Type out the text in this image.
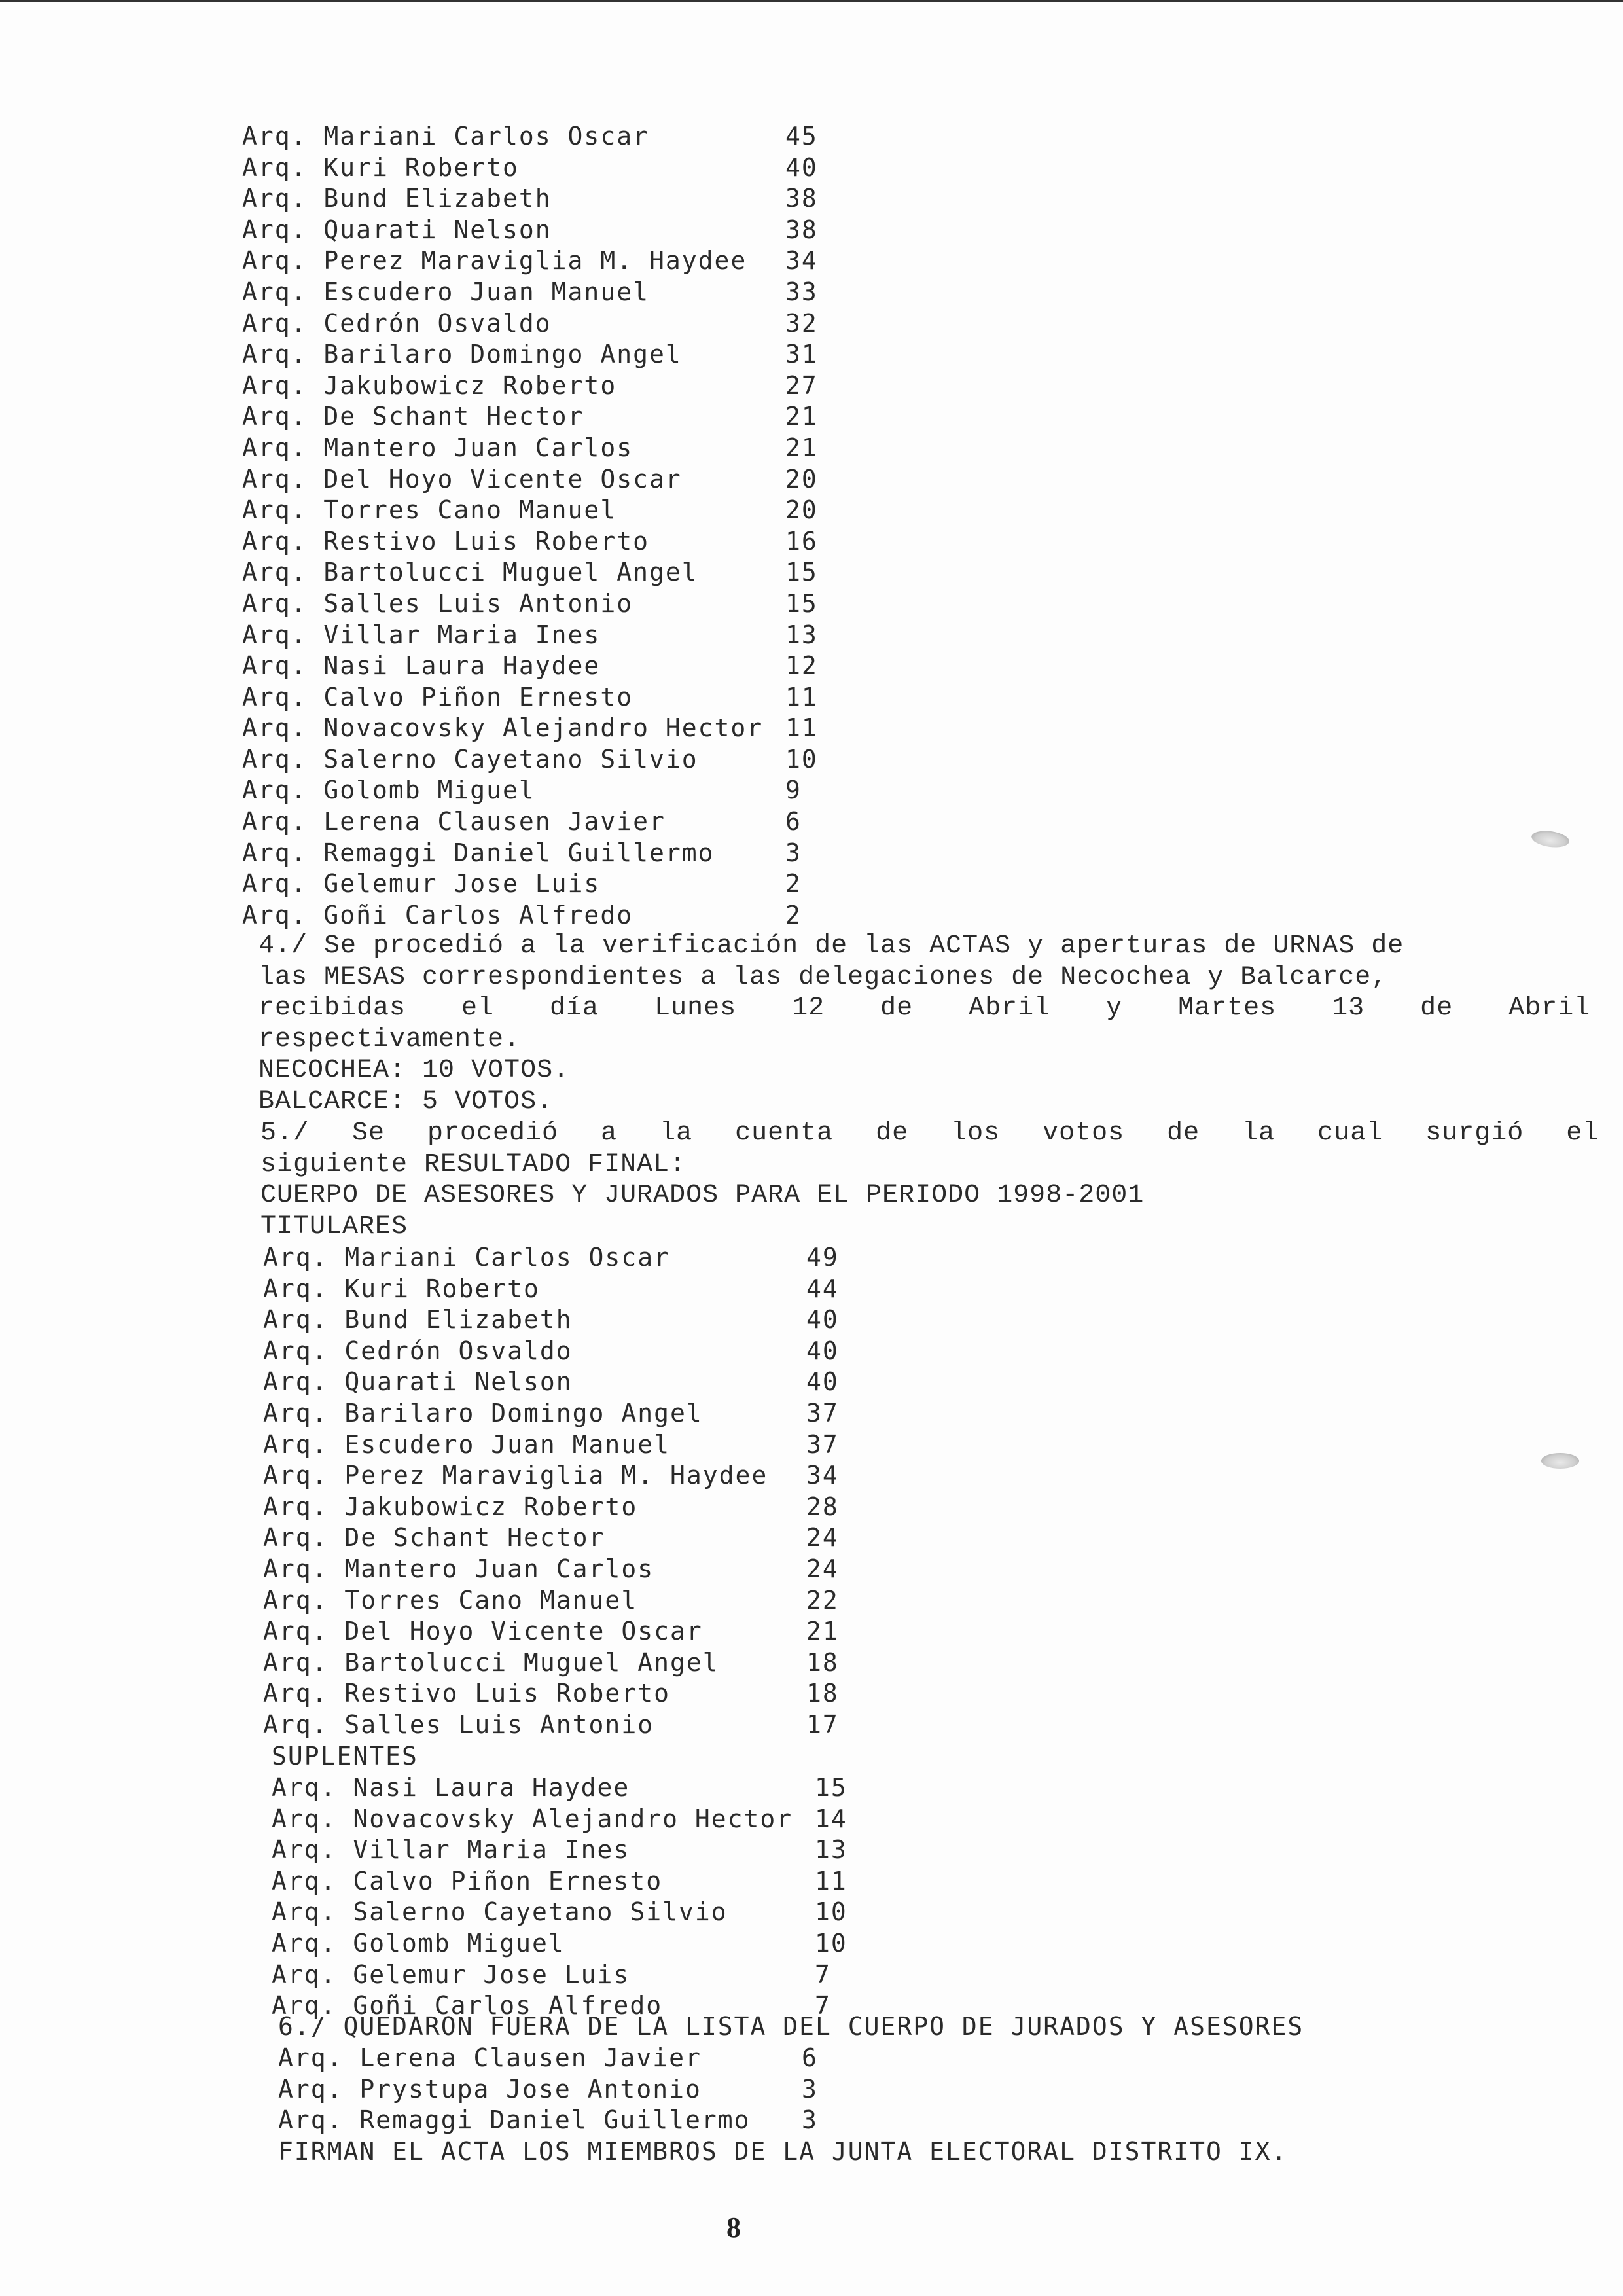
Arq. Mariani Carlos Oscar	45
Arq. Kuri Roberto	40
Arq. Bund Elizabeth	38
Arq. Quarati Nelson	38
Arq. Perez Maraviglia M. Haydee 34
Arq. Escudero Juan Manuel	33
Arq. Cedrón Osvaldo	32
Arq. Barilaro Domingo Angel	31
Arq. Jakubowicz Roberto	27
Arq. De Schant Hector	21
Arq. Mantero Juan Carlos	21
Arq. Del Hoyo Vicente Oscar	20
Arq. Torres Cano Manuel	20
Arq. Restivo Luis Roberto	16
Arq. Bartolucci Muguel Angel	15
Arq. Salles Luis Antonio	15
Arq. Villar Maria Ines	13
Arq. Nasi Laura Haydee	12
Arq. Calvo Piñon Ernesto	11
Arq. Novacovsky Alejandro Hector 11
Arq. Salerno Cayetano Silvio	10
Arq. Golomb Miguel	9
Arq. Lerena Clausen Javier	6
Arq. Remaggi Daniel Guillermo	3
Arq. Gelemur Jose Luis	2
Arq. Goñi Carlos Alfredo	2
4./ Se procedió a la verificación de las ACTAS y aperturas de URNAS de
las MESAS correspondientes a las delegaciones de Necochea y Balcarce,
recibidas el día Lunes 12 de Abril y Martes 13 de Abril
respectivamente.
NECOCHEA: 10 VOTOS.
BALCARCE: 5 VOTOS.
5./ Se procedió a la cuenta de los votos de la cual surgió el
siguiente RESULTADO FINAL:
CUERPO DE ASESORES Y JURADOS PARA EL PERIODO 1998-2001
TITULARES
Arq. Mariani Carlos Oscar	49
Arq. Kuri Roberto	44
Arq. Bund Elizabeth	40
Arq. Cedrón Osvaldo	40
Arq. Quarati Nelson	40
Arq. Barilaro Domingo Angel	37
Arq. Escudero Juan Manuel	37
Arq. Perez Maraviglia M. Haydee 34
Arq. Jakubowicz Roberto	28
Arq. De Schant Hector	24
Arq. Mantero Juan Carlos	24
Arq. Torres Cano Manuel	22
Arq. Del Hoyo Vicente Oscar	21
Arq. Bartolucci Muguel Angel	18
Arq. Restivo Luis Roberto	18
Arq. Salles Luis Antonio	17
SUPLENTES
Arq. Nasi Laura Haydee	15
Arq. Novacovsky Alejandro Hector 14
Arq. Villar Maria Ines	13
Arq. Calvo Piñon Ernesto	11
Arq. Salerno Cayetano Silvio	10
Arq. Golomb Miguel	10
Arq. Gelemur Jose Luis	7
Arq. Goñi Carlos Alfredo	7
6./ QUEDARON FUERA DE LA LISTA DEL CUERPO DE JURADOS Y ASESORES
Arq. Lerena Clausen Javier	6
Arq. Prystupa Jose Antonio	3
Arq. Remaggi Daniel Guillermo 3
FIRMAN EL ACTA LOS MIEMBROS DE LA JUNTA ELECTORAL DISTRITO IX.
8
